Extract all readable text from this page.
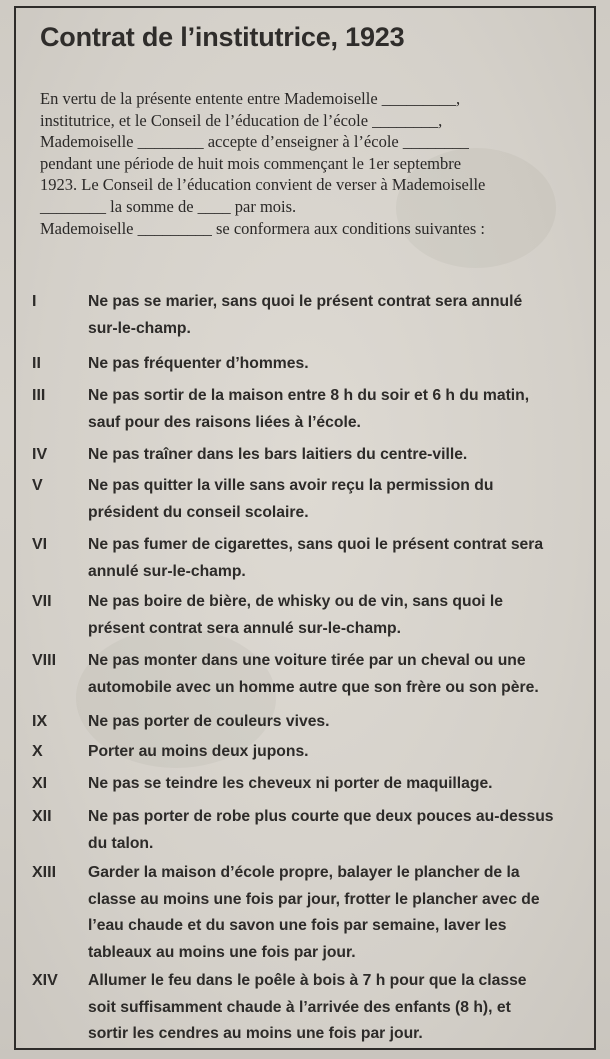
Contrat de l’institutrice, 1923
En vertu de la présente entente entre Mademoiselle _________,
institutrice, et le Conseil de l’éducation de l’école ________,
Mademoiselle ________ accepte d’enseigner à l’école ________
pendant une période de huit mois commençant le 1er septembre
1923. Le Conseil de l’éducation convient de verser à Mademoiselle
________ la somme de ____ par mois.
Mademoiselle _________ se conformera aux conditions suivantes :
I	Ne pas se marier, sans quoi le présent contrat sera annulé
sur-le-champ.
II	Ne pas fréquenter d’hommes.
III	Ne pas sortir de la maison entre 8 h du soir et 6 h du matin,
sauf pour des raisons liées à l’école.
IV	Ne pas traîner dans les bars laitiers du centre-ville.
V	Ne pas quitter la ville sans avoir reçu la permission du
président du conseil scolaire.
VI	Ne pas fumer de cigarettes, sans quoi le présent contrat sera
annulé sur-le-champ.
VII	Ne pas boire de bière, de whisky ou de vin, sans quoi le
présent contrat sera annulé sur-le-champ.
VIII	Ne pas monter dans une voiture tirée par un cheval ou une
automobile avec un homme autre que son frère ou son père.
IX	Ne pas porter de couleurs vives.
X	Porter au moins deux jupons.
XI	Ne pas se teindre les cheveux ni porter de maquillage.
XII	Ne pas porter de robe plus courte que deux pouces au-dessus
du talon.
XIII	Garder la maison d’école propre, balayer le plancher de la
classe au moins une fois par jour, frotter le plancher avec de
l’eau chaude et du savon une fois par semaine, laver les
tableaux au moins une fois par jour.
XIV	Allumer le feu dans le poêle à bois à 7 h pour que la classe
soit suffisamment chaude à l’arrivée des enfants (8 h), et
sortir les cendres au moins une fois par jour.
